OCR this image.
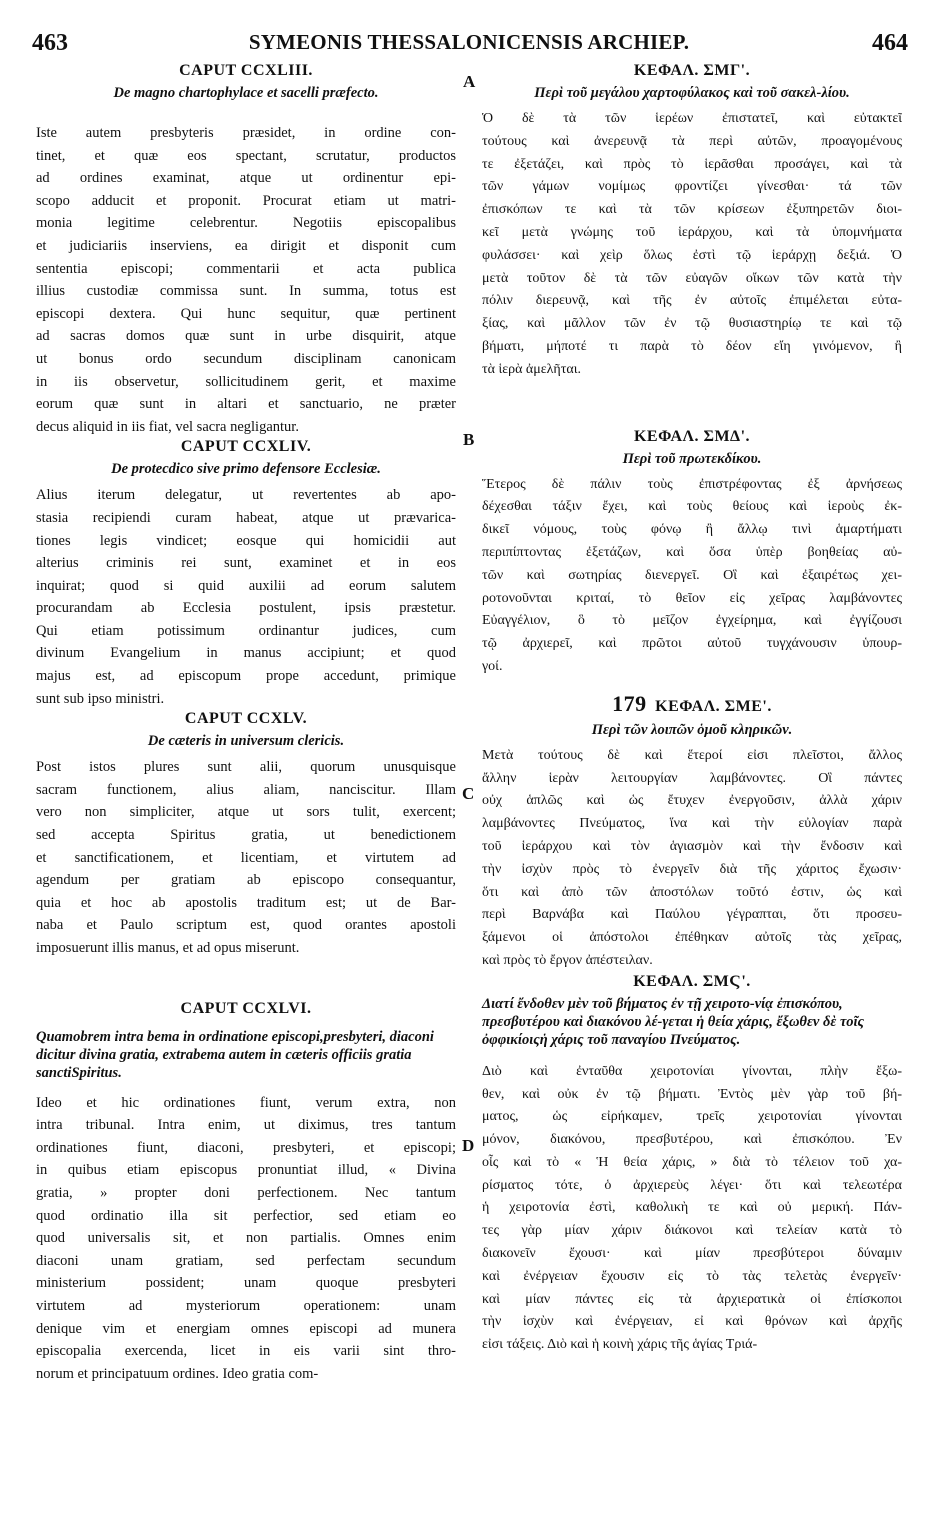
463	SYMEONIS THESSALONICENSIS ARCHIEP.	464
A
B
C
D
CAPUT CCXLIII.
De magno chartophylace et sacelli præfecto.
Iste autem presbyteris præsidet, in ordine con-
tinet, et quæ eos spectant, scrutatur, productos
ad ordines examinat, atque ut ordinentur epi-
scopo adducit et proponit. Procurat etiam ut matri-
monia legitime celebrentur. Negotiis episcopalibus
et judiciariis inserviens, ea dirigit et disponit cum
sententia episcopi; commentarii et acta publica
illius custodiæ commissa sunt. In summa, totus est
episcopi dextera. Qui hunc sequitur, quæ pertinent
ad sacras domos quæ sunt in urbe disquirit, atque
ut bonus ordo secundum disciplinam canonicam
in iis observetur, sollicitudinem gerit, et maxime
eorum quæ sunt in altari et sanctuario, ne præter
decus aliquid in iis fiat, vel sacra negligantur.
CAPUT CCXLIV.
De protecdico sive primo defensore Ecclesiæ.
Alius iterum delegatur, ut revertentes ab apo-
stasia recipiendi curam habeat, atque ut prævarica-
tiones legis vindicet; eosque qui homicidii aut
alterius criminis rei sunt, examinet et in eos
inquirat; quod si quid auxilii ad eorum salutem
procurandam ab Ecclesia postulent, ipsis præstetur.
Qui etiam potissimum ordinantur judices, cum
divinum Evangelium in manus accipiunt; et quod
majus est, ad episcopum prope accedunt, primique
sunt sub ipso ministri.
CAPUT CCXLV.
De cæteris in universum clericis.
Post istos plures sunt alii, quorum unusquisque
sacram functionem, alius aliam, nanciscitur. Illam
vero non simpliciter, atque ut sors tulit, exercent;
sed accepta Spiritus gratia, ut benedictionem
et sanctificationem, et licentiam, et virtutem ad
agendum per gratiam ab episcopo consequantur,
quia et hoc ab apostolis traditum est; ut de Bar-
naba et Paulo scriptum est, quod orantes apostoli
imposuerunt illis manus, et ad opus miserunt.
CAPUT CCXLVI.
Quamobrem intra bema in ordinatione episcopi,presbyteri, diaconi dicitur divina gratia, extrabema autem in cæteris officiis gratia sanctiSpiritus.
Ideo et hic ordinationes fiunt, verum extra, non
intra tribunal. Intra enim, ut diximus, tres tantum
ordinationes fiunt, diaconi, presbyteri, et episcopi;
in quibus etiam episcopus pronuntiat illud, « Divina
gratia, » propter doni perfectionem. Nec tantum
quod ordinatio illa sit perfectior, sed etiam eo
quod universalis sit, et non partialis. Omnes enim
diaconi unam gratiam, sed perfectam secundum
ministerium possident; unam quoque presbyteri
virtutem ad mysteriorum operationem: unam
denique vim et energiam omnes episcopi ad munera
episcopalia exercenda, licet in eis varii sint thro-
norum et principatuum ordines. Ideo gratia com-
ΚΕΦΑΛ. ΣΜΓ'.
Περὶ τοῦ μεγάλου χαρτοφύλακος καὶ τοῦ σακελ-λίου.
Ὁ δὲ τὰ τῶν ἱερέων ἐπιστατεῖ, καὶ εὐτακτεῖ
τούτους καὶ ἀνερευνᾷ τὰ περὶ αὐτῶν, προαγομένους
τε ἐξετάζει, καὶ πρὸς τὸ ἱερᾶσθαι προσάγει, καὶ τὰ
τῶν γάμων νομίμως φροντίζει γίνεσθαι· τά τῶν
ἐπισκόπων τε καὶ τὰ τῶν κρίσεων ἐξυπηρετῶν διοι-
κεῖ μετὰ γνώμης τοῦ ἱεράρχου, καὶ τὰ ὑπομνήματα
φυλάσσει· καὶ χεὶρ ὅλως ἐστὶ τῷ ἱεράρχῃ δεξιά. Ὁ
μετὰ τοῦτον δὲ τὰ τῶν εὐαγῶν οἴκων τῶν κατὰ τὴν
πόλιν διερευνᾷ, καὶ τῆς ἐν αὐτοῖς ἐπιμέλεται εὐτα-
ξίας, καὶ μᾶλλον τῶν ἐν τῷ θυσιαστηρίῳ τε καὶ τῷ
βήματι, μήποτέ τι παρὰ τὸ δέον εἴη γινόμενον, ἢ
τὰ ἱερὰ ἀμελῆται.
ΚΕΦΑΛ. ΣΜΔ'.
Περὶ τοῦ πρωτεκδίκου.
Ἕτερος δὲ πάλιν τοὺς ἐπιστρέφοντας ἐξ ἀρνήσεως
δέχεσθαι τάξιν ἔχει, καὶ τοὺς θείους καὶ ἱεροὺς ἐκ-
δικεῖ νόμους, τοὺς φόνῳ ἢ ἄλλῳ τινὶ ἁμαρτήματι
περιπίπτοντας ἐξετάζων, καὶ ὅσα ὑπὲρ βοηθείας αὐ-
τῶν καὶ σωτηρίας διενεργεῖ. Οἳ καὶ ἐξαιρέτως χει-
ροτονοῦνται κριταί, τὸ θεῖον εἰς χεῖρας λαμβάνοντες
Εὐαγγέλιον, ὃ τὸ μεῖζον ἐγχείρημα, καὶ ἐγγίζουσι
τῷ ἀρχιερεῖ, καὶ πρῶτοι αὐτοῦ τυγχάνουσιν ὑπουρ-
γοί.
179 ΚΕΦΑΛ. ΣΜΕ'.
Περὶ τῶν λοιπῶν ὁμοῦ κληρικῶν.
Μετὰ τούτους δὲ καὶ ἕτεροί εἰσι πλεῖστοι, ἄλλος
ἄλλην ἱερὰν λειτουργίαν λαμβάνοντες. Οἳ πάντες
οὐχ ἁπλῶς καὶ ὡς ἔτυχεν ἐνεργοῦσιν, ἀλλὰ χάριν
λαμβάνοντες Πνεύματος, ἵνα καὶ τὴν εὐλογίαν παρὰ
τοῦ ἱεράρχου καὶ τὸν ἁγιασμὸν καὶ τὴν ἔνδοσιν καὶ
τὴν ἰσχὺν πρὸς τὸ ἐνεργεῖν διὰ τῆς χάριτος ἔχωσιν·
ὅτι καὶ ἀπὸ τῶν ἀποστόλων τοῦτό ἐστιν, ὡς καὶ
περὶ Βαρνάβα καὶ Παύλου γέγραπται, ὅτι προσευ-
ξάμενοι οἱ ἀπόστολοι ἐπέθηκαν αὐτοῖς τὰς χεῖρας,
καὶ πρὸς τὸ ἔργον ἀπέστειλαν.
ΚΕΦΑΛ. ΣΜϚ'.
Διατί ἔνδοθεν μὲν τοῦ βήματος ἐν τῇ χειροτο-νίᾳ ἐπισκόπου, πρεσβυτέρου καὶ διακόνου λέ-γεται ἡ θεία χάρις, ἔξωθεν δὲ τοῖς ὀφφικίοιςἡ χάρις τοῦ παναγίου Πνεύματος.
Διὸ καὶ ἐνταῦθα χειροτονίαι γίνονται, πλὴν ἔξω-
θεν, καὶ οὐκ ἐν τῷ βήματι. Ἐντὸς μὲν γὰρ τοῦ βή-
ματος, ὡς εἰρήκαμεν, τρεῖς χειροτονίαι γίνονται
μόνον, διακόνου, πρεσβυτέρου, καὶ ἐπισκόπου. Ἐν
οἷς καὶ τὸ « Ἡ θεία χάρις, » διὰ τὸ τέλειον τοῦ χα-
ρίσματος τότε, ὁ ἀρχιερεὺς λέγει· ὅτι καὶ τελεωτέρα
ἡ χειροτονία ἐστὶ, καθολικὴ τε καὶ οὐ μερική. Πάν-
τες γὰρ μίαν χάριν διάκονοι καὶ τελείαν κατὰ τὸ
διακονεῖν ἔχουσι· καὶ μίαν πρεσβύτεροι δύναμιν
καὶ ἐνέργειαν ἔχουσιν εἰς τὸ τὰς τελετὰς ἐνεργεῖν·
καὶ μίαν πάντες εἰς τὰ ἀρχιερατικὰ οἱ ἐπίσκοποι
τὴν ἰσχὺν καὶ ἐνέργειαν, εἰ καὶ θρόνων καὶ ἀρχῆς
εἰσι τάξεις. Διὸ καὶ ἡ κοινὴ χάρις τῆς ἁγίας Τριά-
